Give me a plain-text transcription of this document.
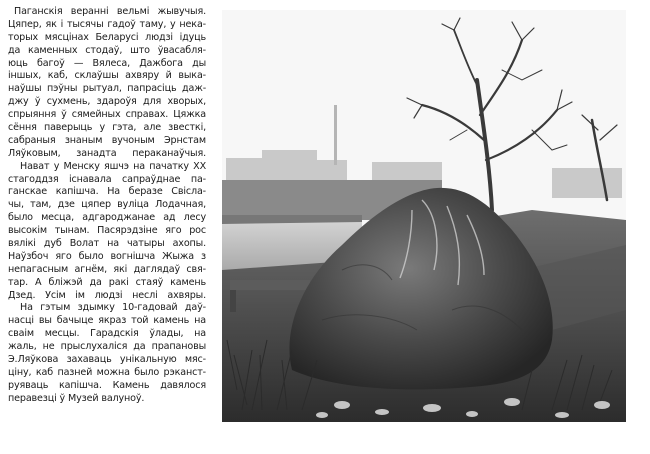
Паганскія веранні вельмі жывучыя.
Цяпер, як і тысячы гадоў таму, у нека-
торых мясцінах Беларусі людзі ідуць
да каменных стодаў, што ўвасабля-
юць багоў — Вялеса, Дажбога ды
іншых, каб, склаўшы ахвяру й выка-
наўшы пэўны рытуал, папрасіць даж-
джу ў сухмень, здароўя для хворых,
спрыяння ў сямейных справах. Цяжка
сёння паверыць у гэта, але звесткі,
сабраныя знаным вучоным Эрнстам
Ляўковым, занадта пераканаўчыя.
Нават у Менску яшчэ на пачатку XX
стагоддзя існавала сапраўднае па-
ганскае капішча. На беразе Свісла-
чы, там, дзе цяпер вуліца Лодачная,
было месца, адгароджанае ад лесу
высокім тынам. Пасярэдзіне яго рос
вялікі дуб Волат на чатыры ахопы.
Наўзбоч яго было вогнішча Жыжа з
непагасным агнём, які даглядаў свя-
тар. А бліжэй да ракі стаяў камень
Дзед. Усім ім людзі неслі ахвяры.
На гэтым здымку 10-гадовай даў-
насці вы бачыце якраз той камень на
сваім месцы. Гарадскія ўлады, на
жаль, не прыслухаліся да прапановы
Э.Ляўкова захаваць унікальную мяс-
ціну, каб пазней можна было рэканст-
руяваць капішча. Камень давялося
перавезці ў Музей валуноў.
